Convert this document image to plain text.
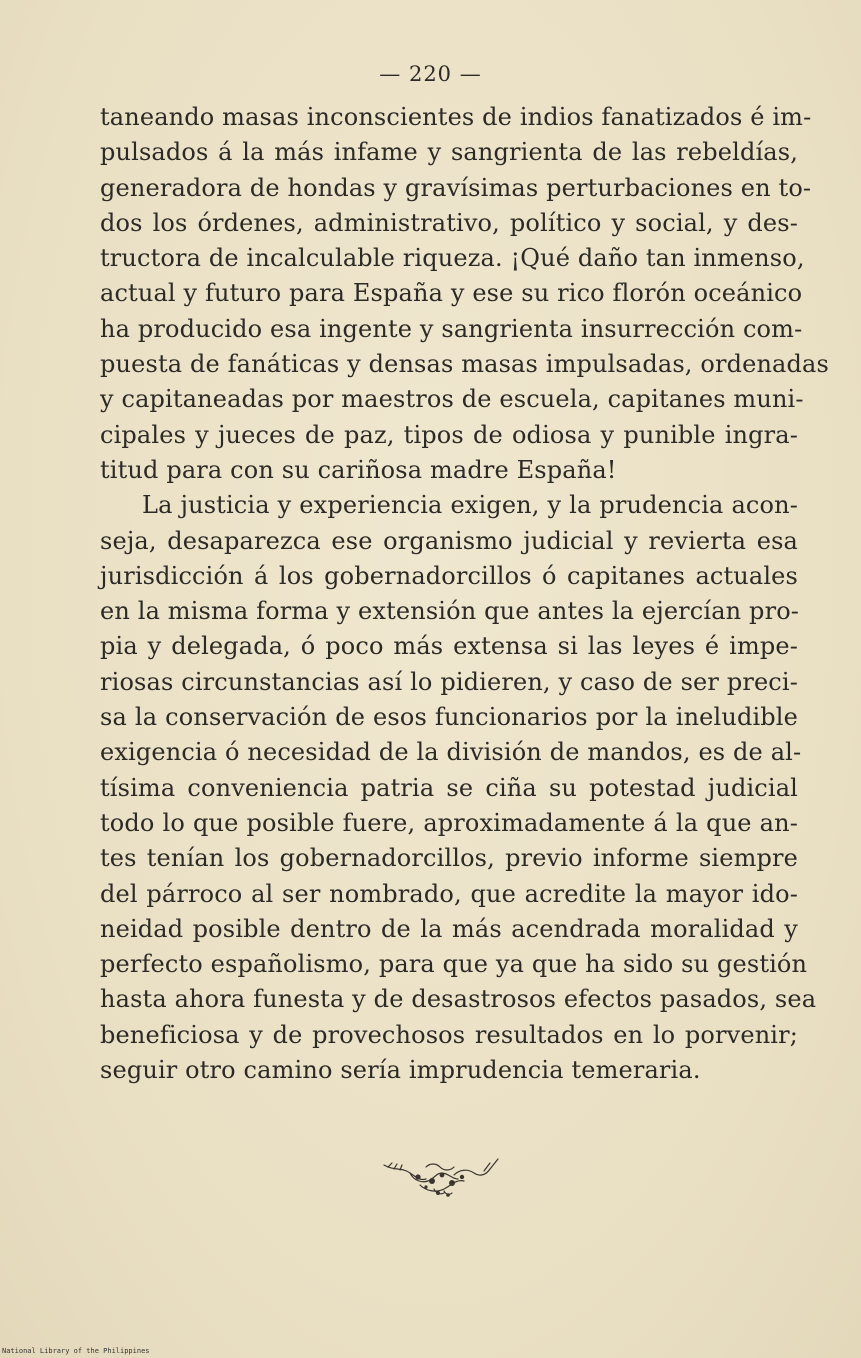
— 220 —
taneando masas inconscientes de indios fanatizados é im-
pulsados á la más infame y sangrienta de las rebeldías,
generadora de hondas y gravísimas perturbaciones en to-
dos los órdenes, administrativo, político y social, y des-
tructora de incalculable riqueza. ¡Qué daño tan inmenso,
actual y futuro para España y ese su rico florón oceánico
ha producido esa ingente y sangrienta insurrección com-
puesta de fanáticas y densas masas impulsadas, ordenadas
y capitaneadas por maestros de escuela, capitanes muni-
cipales y jueces de paz, tipos de odiosa y punible ingra-
titud para con su cariñosa madre España!
La justicia y experiencia exigen, y la prudencia acon-
seja, desaparezca ese organismo judicial y revierta esa
jurisdicción á los gobernadorcillos ó capitanes actuales
en la misma forma y extensión que antes la ejercían pro-
pia y delegada, ó poco más extensa si las leyes é impe-
riosas circunstancias así lo pidieren, y caso de ser preci-
sa la conservación de esos funcionarios por la ineludible
exigencia ó necesidad de la división de mandos, es de al-
tísima conveniencia patria se ciña su potestad judicial
todo lo que posible fuere, aproximadamente á la que an-
tes tenían los gobernadorcillos, previo informe siempre
del párroco al ser nombrado, que acredite la mayor ido-
neidad posible dentro de la más acendrada moralidad y
perfecto españolismo, para que ya que ha sido su gestión
hasta ahora funesta y de desastrosos efectos pasados, sea
beneficiosa y de provechosos resultados en lo porvenir;
seguir otro camino sería imprudencia temeraria.
National Library of the Philippines
